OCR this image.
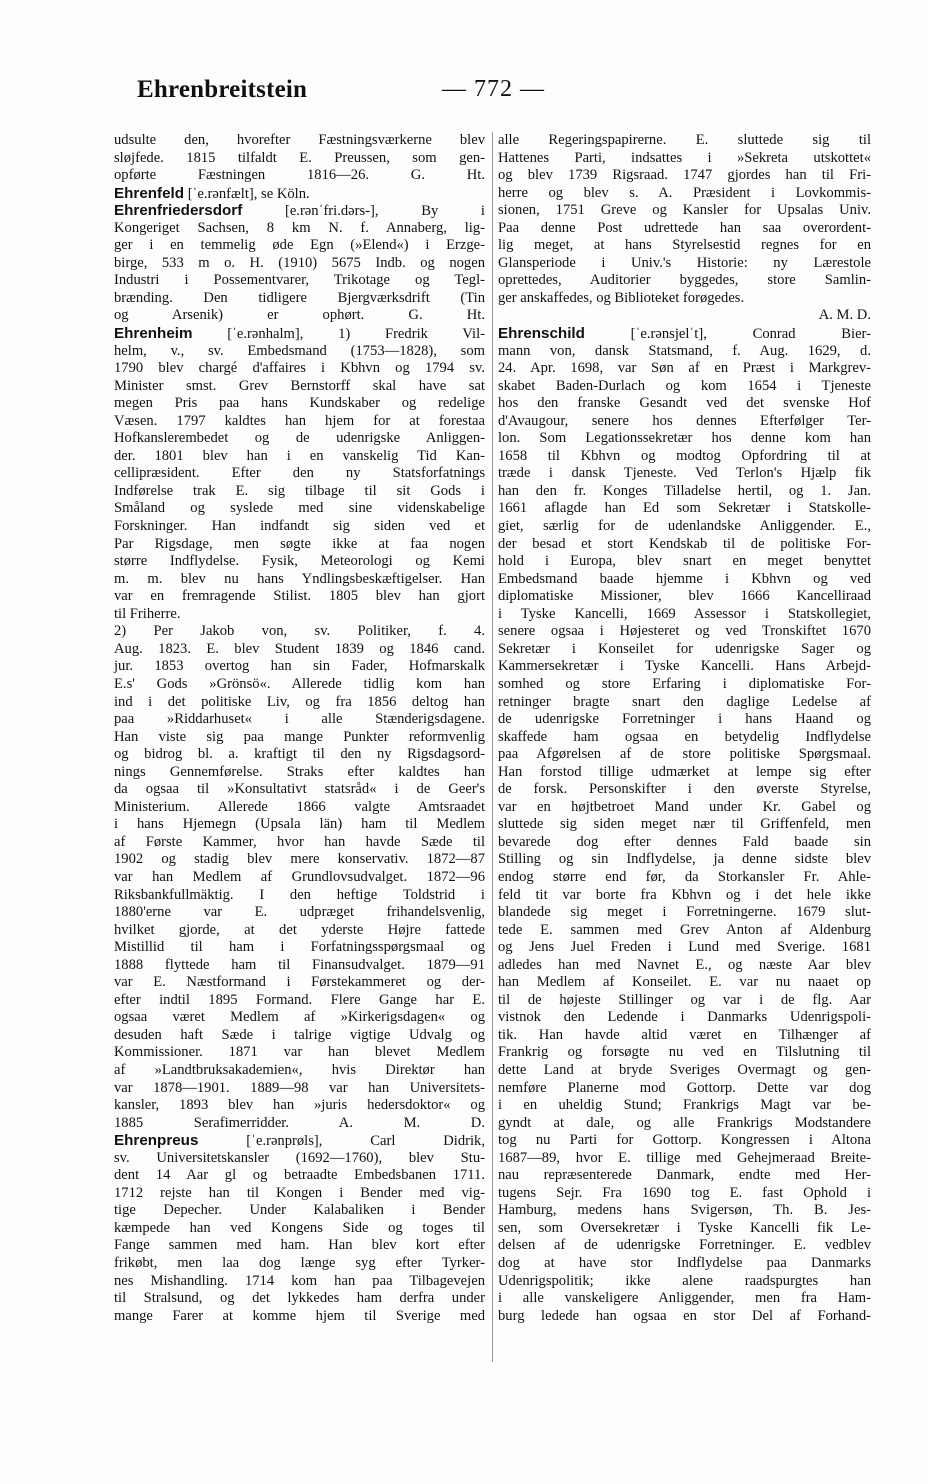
Ehrenbreitstein	— 772 —
udsulte den, hvorefter Fæstningsværkerne blev
sløjfede. 1815 tilfaldt E. Preussen, som gen-
opførte Fæstningen 1816—26. G. Ht.
Ehrenfeld [ˈe.rənfælt], se Köln.
Ehrenfriedersdorf [e.rənˈfri.dərs-], By i
Kongeriget Sachsen, 8 km N. f. Annaberg, lig-
ger i en temmelig øde Egn (»Elend«) i Erzge-
birge, 533 m o. H. (1910) 5675 Indb. og nogen
Industri i Possementvarer, Trikotage og Tegl-
brænding. Den tidligere Bjergværksdrift (Tin
og Arsenik) er ophørt. G. Ht.
Ehrenheim [ˈe.rənhalm], 1) Fredrik Vil-
helm, v., sv. Embedsmand (1753—1828), som
1790 blev chargé d'affaires i Kbhvn og 1794 sv.
Minister smst. Grev Bernstorff skal have sat
megen Pris paa hans Kundskaber og redelige
Væsen. 1797 kaldtes han hjem for at forestaa
Hofkanslerembedet og de udenrigske Anliggen-
der. 1801 blev han i en vanskelig Tid Kan-
cellipræsident. Efter den ny Statsforfatnings
Indførelse trak E. sig tilbage til sit Gods i
Småland og syslede med sine videnskabelige
Forskninger. Han indfandt sig siden ved et
Par Rigsdage, men søgte ikke at faa nogen
større Indflydelse. Fysik, Meteorologi og Kemi
m. m. blev nu hans Yndlingsbeskæftigelser. Han
var en fremragende Stilist. 1805 blev han gjort
til Friherre.
2) Per Jakob von, sv. Politiker, f. 4.
Aug. 1823. E. blev Student 1839 og 1846 cand.
jur. 1853 overtog han sin Fader, Hofmarskalk
E.s' Gods »Grönsö«. Allerede tidlig kom han
ind i det politiske Liv, og fra 1856 deltog han
paa »Riddarhuset« i alle Stænderigsdagene.
Han viste sig paa mange Punkter reformvenlig
og bidrog bl. a. kraftigt til den ny Rigsdagsord-
nings Gennemførelse. Straks efter kaldtes han
da ogsaa til »Konsultativt statsråd« i de Geer's
Ministerium. Allerede 1866 valgte Amtsraadet
i hans Hjemegn (Upsala län) ham til Medlem
af Første Kammer, hvor han havde Sæde til
1902 og stadig blev mere konservativ. 1872—87
var han Medlem af Grundlovsudvalget. 1872—96
Riksbankfullmäktig. I den heftige Toldstrid i
1880'erne var E. udpræget frihandelsvenlig,
hvilket gjorde, at det yderste Højre fattede
Mistillid til ham i Forfatningsspørgsmaal og
1888 flyttede ham til Finansudvalget. 1879—91
var E. Næstformand i Førstekammeret og der-
efter indtil 1895 Formand. Flere Gange har E.
ogsaa været Medlem af »Kirkerigsdagen« og
desuden haft Sæde i talrige vigtige Udvalg og
Kommissioner. 1871 var han blevet Medlem
af »Landtbruksakademien«, hvis Direktør han
var 1878—1901. 1889—98 var han Universitets-
kansler, 1893 blev han »juris hedersdoktor« og
1885 Serafimerridder. A. M. D.
Ehrenpreus [ˈe.rənprøls], Carl Didrik,
sv. Universitetskansler (1692—1760), blev Stu-
dent 14 Aar gl og betraadte Embedsbanen 1711.
1712 rejste han til Kongen i Bender med vig-
tige Depecher. Under Kalabaliken i Bender
kæmpede han ved Kongens Side og toges til
Fange sammen med ham. Han blev kort efter
frikøbt, men laa dog længe syg efter Tyrker-
nes Mishandling. 1714 kom han paa Tilbagevejen
til Stralsund, og det lykkedes ham derfra under
mange Farer at komme hjem til Sverige med
alle Regeringspapirerne. E. sluttede sig til
Hattenes Parti, indsattes i »Sekreta utskottet«
og blev 1739 Rigsraad. 1747 gjordes han til Fri-
herre og blev s. A. Præsident i Lovkommis-
sionen, 1751 Greve og Kansler for Upsalas Univ.
Paa denne Post udrettede han saa overordent-
lig meget, at hans Styrelsestid regnes for en
Glansperiode i Univ.'s Historie: ny Lærestole
oprettedes, Auditorier byggedes, store Samlin-
ger anskaffedes, og Biblioteket forøgedes.
A. M. D.
Ehrenschild [ˈe.rənsjelˈt], Conrad Bier-
mann von, dansk Statsmand, f. Aug. 1629, d.
24. Apr. 1698, var Søn af en Præst i Markgrev-
skabet Baden-Durlach og kom 1654 i Tjeneste
hos den franske Gesandt ved det svenske Hof
d'Avaugour, senere hos dennes Efterfølger Ter-
lon. Som Legationssekretær hos denne kom han
1658 til Kbhvn og modtog Opfordring til at
træde i dansk Tjeneste. Ved Terlon's Hjælp fik
han den fr. Konges Tilladelse hertil, og 1. Jan.
1661 aflagde han Ed som Sekretær i Statskolle-
giet, særlig for de udenlandske Anliggender. E.,
der besad et stort Kendskab til de politiske For-
hold i Europa, blev snart en meget benyttet
Embedsmand baade hjemme i Kbhvn og ved
diplomatiske Missioner, blev 1666 Kancelliraad
i Tyske Kancelli, 1669 Assessor i Statskollegiet,
senere ogsaa i Højesteret og ved Tronskiftet 1670
Sekretær i Konseilet for udenrigske Sager og
Kammersekretær i Tyske Kancelli. Hans Arbejd-
somhed og store Erfaring i diplomatiske For-
retninger bragte snart den daglige Ledelse af
de udenrigske Forretninger i hans Haand og
skaffede ham ogsaa en betydelig Indflydelse
paa Afgørelsen af de store politiske Spørgsmaal.
Han forstod tillige udmærket at lempe sig efter
de forsk. Personskifter i den øverste Styrelse,
var en højtbetroet Mand under Kr. Gabel og
sluttede sig siden meget nær til Griffenfeld, men
bevarede dog efter dennes Fald baade sin
Stilling og sin Indflydelse, ja denne sidste blev
endog større end før, da Storkansler Fr. Ahle-
feld tit var borte fra Kbhvn og i det hele ikke
blandede sig meget i Forretningerne. 1679 slut-
tede E. sammen med Grev Anton af Aldenburg
og Jens Juel Freden i Lund med Sverige. 1681
adledes han med Navnet E., og næste Aar blev
han Medlem af Konseilet. E. var nu naaet op
til de højeste Stillinger og var i de flg. Aar
vistnok den Ledende i Danmarks Udenrigspoli-
tik. Han havde altid været en Tilhænger af
Frankrig og forsøgte nu ved en Tilslutning til
dette Land at bryde Sveriges Overmagt og gen-
nemføre Planerne mod Gottorp. Dette var dog
i en uheldig Stund; Frankrigs Magt var be-
gyndt at dale, og alle Frankrigs Modstandere
tog nu Parti for Gottorp. Kongressen i Altona
1687—89, hvor E. tillige med Gehejmeraad Breite-
nau repræsenterede Danmark, endte med Her-
tugens Sejr. Fra 1690 tog E. fast Ophold i
Hamburg, medens hans Svigersøn, Th. B. Jes-
sen, som Oversekretær i Tyske Kancelli fik Le-
delsen af de udenrigske Forretninger. E. vedblev
dog at have stor Indflydelse paa Danmarks
Udenrigspolitik; ikke alene raadspurgtes han
i alle vanskeligere Anliggender, men fra Ham-
burg ledede han ogsaa en stor Del af Forhand-
